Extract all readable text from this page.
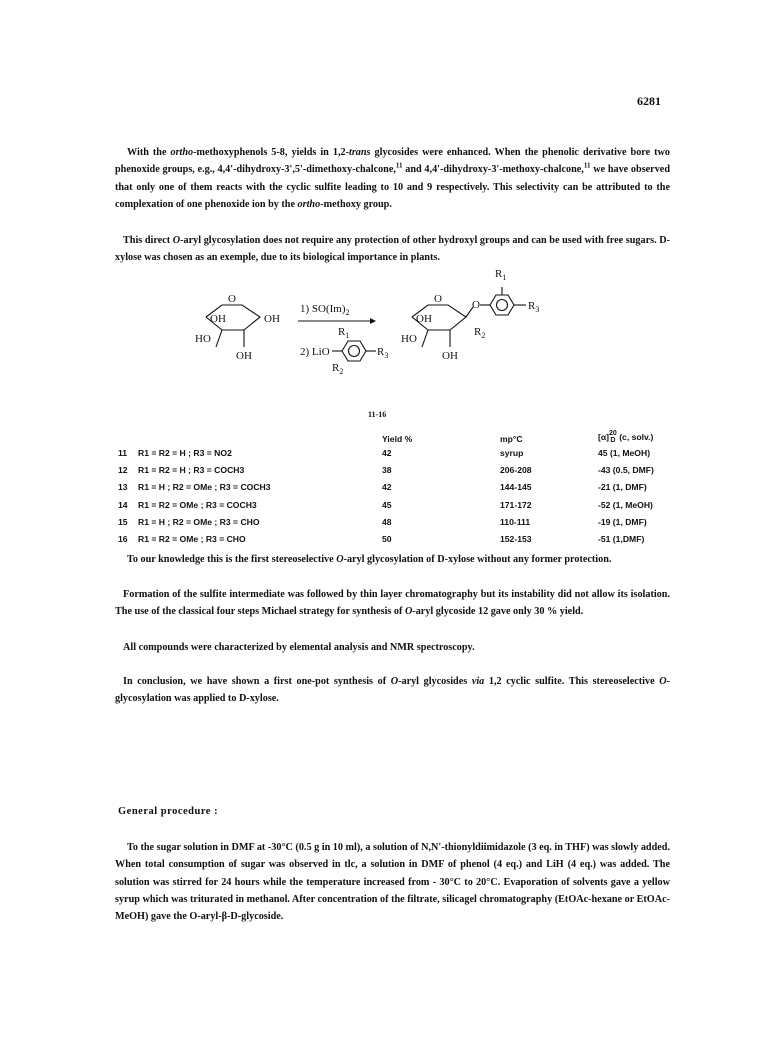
6281
With the ortho-methoxyphenols 5-8, yields in 1,2-trans glycosides were enhanced. When the phenolic derivative bore two phenoxide groups, e.g., 4,4'-dihydroxy-3',5'-dimethoxy-chalcone,$^{11}$ and 4,4'-dihydroxy-3'-methoxy-chalcone,$^{11}$ we have observed that only one of them reacts with the cyclic sulfite leading to 10 and 9 respectively. This selectivity can be attributed to the complexation of one phenoxide ion by the ortho-methoxy group.
This direct O-aryl glycosylation does not require any protection of other hydroxyl groups and can be used with free sugars. D-xylose was chosen as an exemple, due to its biological importance in plants.
O
OH	OH
HO
OH
1) $SO(Im)_2$
$R_1$
2) LiO	$R_3$
$R_2$
O	O
OH
HO
OH
$R_3$
$R_2$
$R_1$
11-16
		Yield %	mp°C	[α]20
D (c, solv.)
11	R1 = R2 = H ; R3 = NO2	42	syrup	45 (1, MeOH)
12	R1 = R2 = H ; R3 = COCH3	38	206-208	-43 (0.5, DMF)
13	R1 = H ; R2 = OMe ; R3 = COCH3	42	144-145	-21 (1, DMF)
14	R1 = R2 = OMe ; R3 = COCH3	45	171-172	-52 (1, MeOH)
15	R1 = H ; R2 = OMe ; R3 = CHO	48	110-111	-19 (1, DMF)
16	R1 = R2 = OMe ; R3 = CHO	50	152-153	-51 (1,DMF)
To our knowledge this is the first stereoselective O-aryl glycosylation of D-xylose without any former protection.
Formation of the sulfite intermediate was followed by thin layer chromatography but its instability did not allow its isolation. The use of the classical four steps Michael strategy for synthesis of O-aryl glycoside 12 gave only 30 % yield.
All compounds were characterized by elemental analysis and NMR spectroscopy.
In conclusion, we have shown a first one-pot synthesis of O-aryl glycosides via 1,2 cyclic sulfite. This stereoselective O-glycosylation was applied to D-xylose.
General procedure :
To the sugar solution in DMF at -30°C (0.5 g in 10 ml), a solution of N,N'-thionyldiimidazole (3 eq. in THF) was slowly added. When total consumption of sugar was observed in tlc, a solution in DMF of phenol (4 eq.) and LiH (4 eq.) was added. The solution was stirred for 24 hours while the temperature increased from - 30°C to 20°C. Evaporation of solvents gave a yellow syrup which was triturated in methanol. After concentration of the filtrate, silicagel chromatography (EtOAc-hexane or EtOAc-MeOH) gave the O-aryl-β-D-glycoside.
